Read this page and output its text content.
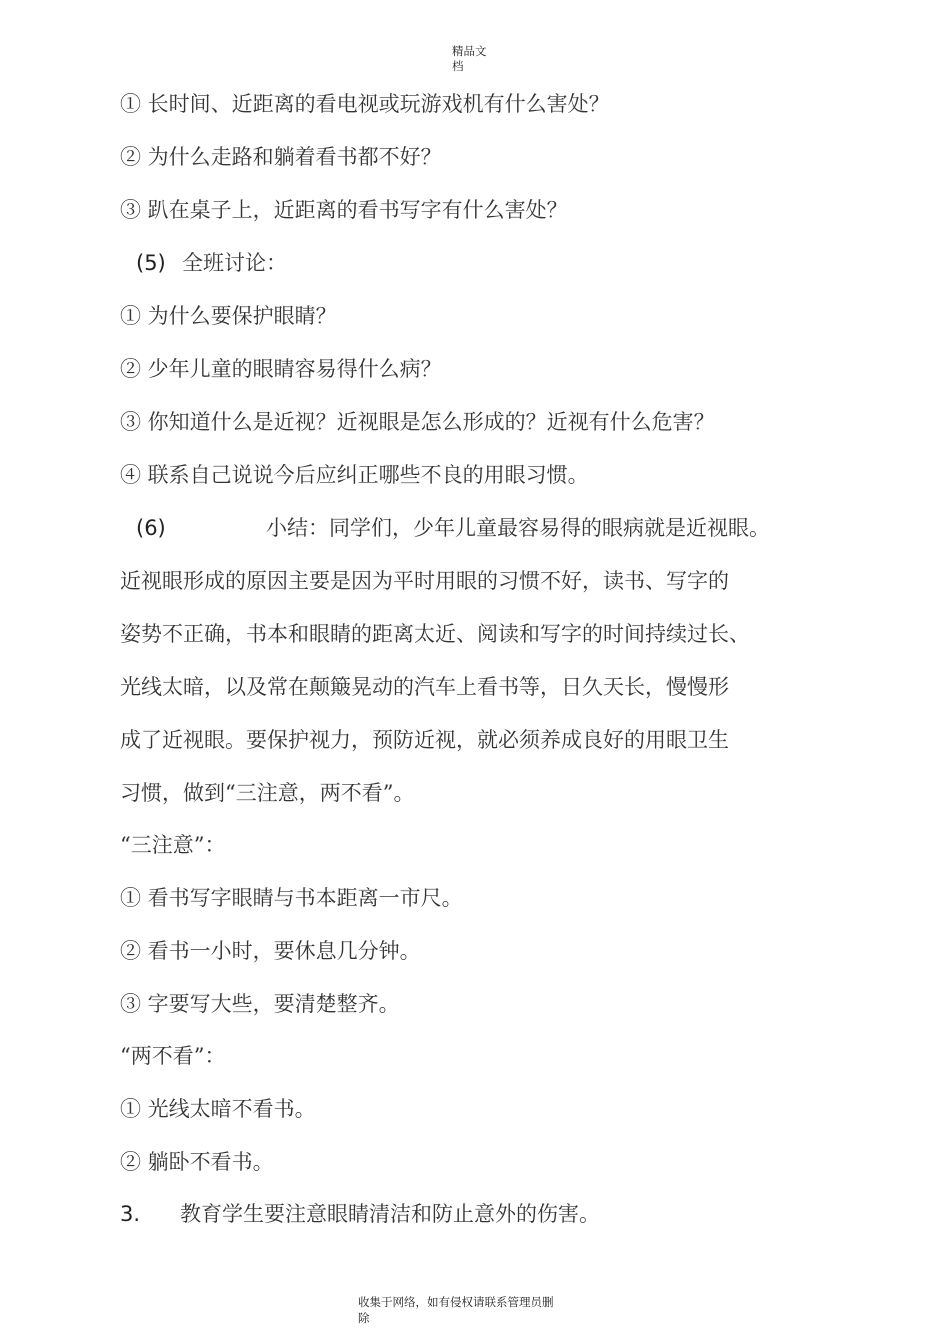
精品文
档
① 长时间、近距离的看电视或玩游戏机有什么害处？
② 为什么走路和躺着看书都不好？
③ 趴在桌子上，近距离的看书写字有什么害处？
(5) 全班讨论：
① 为什么要保护眼睛？
② 少年儿童的眼睛容易得什么病？
③ 你知道什么是近视？近视眼是怎么形成的？近视有什么危害？
④ 联系自己说说今后应纠正哪些不良的用眼习惯。
(6)	小结：同学们，少年儿童最容易得的眼病就是近视眼。
近视眼形成的原因主要是因为平时用眼的习惯不好，读书、写字的
姿势不正确，书本和眼睛的距离太近、阅读和写字的时间持续过长、
光线太暗，以及常在颠簸晃动的汽车上看书等，日久天长，慢慢形
成了近视眼。要保护视力，预防近视，就必须养成良好的用眼卫生
习惯，做到“三注意，两不看”。
“三注意”：
① 看书写字眼睛与书本距离一市尺。
② 看书一小时，要休息几分钟。
③ 字要写大些，要清楚整齐。
“两不看”：
① 光线太暗不看书。
② 躺卧不看书。
3. 教育学生要注意眼睛清洁和防止意外的伤害。
收集于网络，如有侵权请联系管理员删
除
